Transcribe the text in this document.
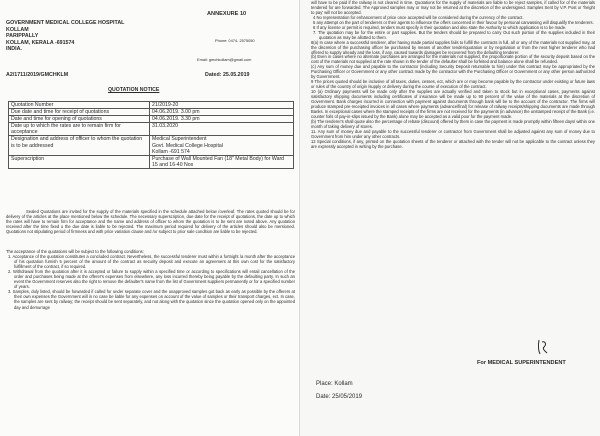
GOVERNMENT MEDICAL COLLEGE HOSPITAL
KOLLAM
PARIPPALLY
KOLLAM, KERALA -691574
INDIA.
ANNEXURE 10
Phone: 0474- 2575050
Email: gmchkollam@gmail.com
A2/1711/2019/GMCHKLM	Dated: 25.05.2019
QUOTATION NOTICE
Quotation Number	21/2019-20
Due date and time for receipt of quotations	04.06.2019. 3.00 pm
Date and time for opening of quotations	04.06.2019. 3.30 pm
Date up to which the rates are to remain firm for acceptance	31.03.2020
Designation and address of officer to whom the quotation is to be addressed	Medical Superintendent
Govt. Medical College Hospital
Kollam -691 574
Superscription	Purchase of Wall Mounted Fan (18" Metal Body) for Ward 15 and 16-40 Nos
Sealed Quotations are invited for the supply of the materials specified in the schedule attached below /overleaf. The rates quoted should be for delivery of the articles at the place mentioned below the schedule. The necessary superscription, due date for the receipt of quotations, the date up to which the rates will have to remain firm for acceptance and the name and address of officer to whom the quotation is to be sent are noted above. Any quotation received after the time fixed o the due date is liable to be rejected. The maximum period required for delivery of the articles should also be mentioned. Quotations not stipulating period of firmness and with price variation clause and /or subject to prior sale condition are liable to be rejected.
The acceptance of the quotations will be subject to the following conditions:
1. Acceptance of the quotation constitutes a concluded contract. Nevertheless, the successful tenderer must within a fortnight /a month after the acceptance of his quotation furnish 5 percent of the amount of the contract as security deposit and execute an agreement at this own cost for the satisfactory fulfillment of the contract, if so required.
2. Withdrawal from the quotation after it is accepted or failure to supply within a specified time or according to specifications will entail cancellation of the order and purchases being made at the offerer's expenses from elsewhere, any loss incurred thereby being payable by the defaulting party. In such an event the Government reserves also the right to remove the defaulter's name from the list of Government suppliers permanently or for a specified number of years.
3. Samples, duly listed, should be forwarded if called for under separate cover and the unapproved samples got back as early as possible by the offerers at their own expenses the Government will in no case be liable for any expenses on account of the value of samples or their transport charges, ect. In case, the samples are sent by railway; the receipt should be sent separately, and not along with the quotation since the quotation opened only on the appointed day and demurrage
will have to be paid if the railway is not cleared in time. Quotations for the supply of materials are liable to be reject samples, if called for of the materials tendered for are forwarded. The Approved samples may or may not be returned at the discretion of the undersigned. Samples Sent by V.P. Post or 'freight to pay' will not be accepted.
4 No representation for enhancement of price once accepted will be considered during the currency of the contract.
5 any attempt on the part of tenderers or their agents to influence the offers concerned in their favour by personal canvassing will disqualify the tenderers.
6 If any license or permit is required, tenders must specify in their quotation and also state the Authority to which application is to be made.
7. The quotation may be for the entire or part supplies. But the tenders should be prepared to carry Out such portion of the supplies included in their quotation as may be allotted to them.
8(a) In case where a successful tenderer, after having made partial supplies fails to fulfill the contracts in full, all or any of the materials not supplied may, at the discretion of the purchasing officer be purchased by means of another tender/quotation or by negotiation or from the next higher tenderer who had offered to supply already and the loss, if any, caused towards damages be recovered from the defaulting tenderer.
(b) Even in cases where no alternate purchases are arranged for the materials not supplied, the proportionate portion of the security deposit based on the cost of the materials not supplied at the rate shown in the tender of the defaulter shall be forfeited and balance alone shall be refunded.
(c) Any sum of money due and payable to the contractor (including Security Deposit returnable to him) under this contract may be appropriated by the Purchasing Officer or Government or any other contract made by the contractor with the Purchasing Officer or Government or any other person authorized by Government.
9 The prices quoted should be inclusive of all taxes, duties, cesses, ect, which are or may become payable by the contractor under existing or future laws or rules of the country of origin /supply or delivery during the course of execution of the contract.
10 (a) Ordinary payments will be made only after the supplies are actually verified and taken to stock but in exceptional cases, payments against satisfactory shipping documents including certificates of insurance will be made up to 90 percent of the value of the materials at the discretion of Government. Bank charges incurred in connection with payment against documents through bank will be to the account of the contractor. The firms will produce stamped pre-receipted invoices in all cases where payments (advance/final) for release of railway receipts/shipping documents are made through Banks. In exceptional cases where the stamped receipts of the firms are not received for the payments (in advance) the unstamped receipt of the Bank (i.e. counter foils of pay-in-slips issued by the Bank) alone may be accepted as a valid poor for the payment made.
(b) The tenderer's shall quote also the percentage of rebate (discount) offered by them in case the payment is made promptly within fifteen days/ within one month of taking delivery of stores.
11. Any sum of money due and payable to the successful tenderer or contractor from Government shall be adjusted against any sum of money due to Government from him under any other contracts.
12 Special conditions, if any, printed on the quotation sheets of the tenderer or attached with the tender will not be applicable to the contract unless they are expressly accepted in writing by the purchase.
For MEDICAL SUPERINTENDENT
Place: Kollam
Date: 25/05/2019
